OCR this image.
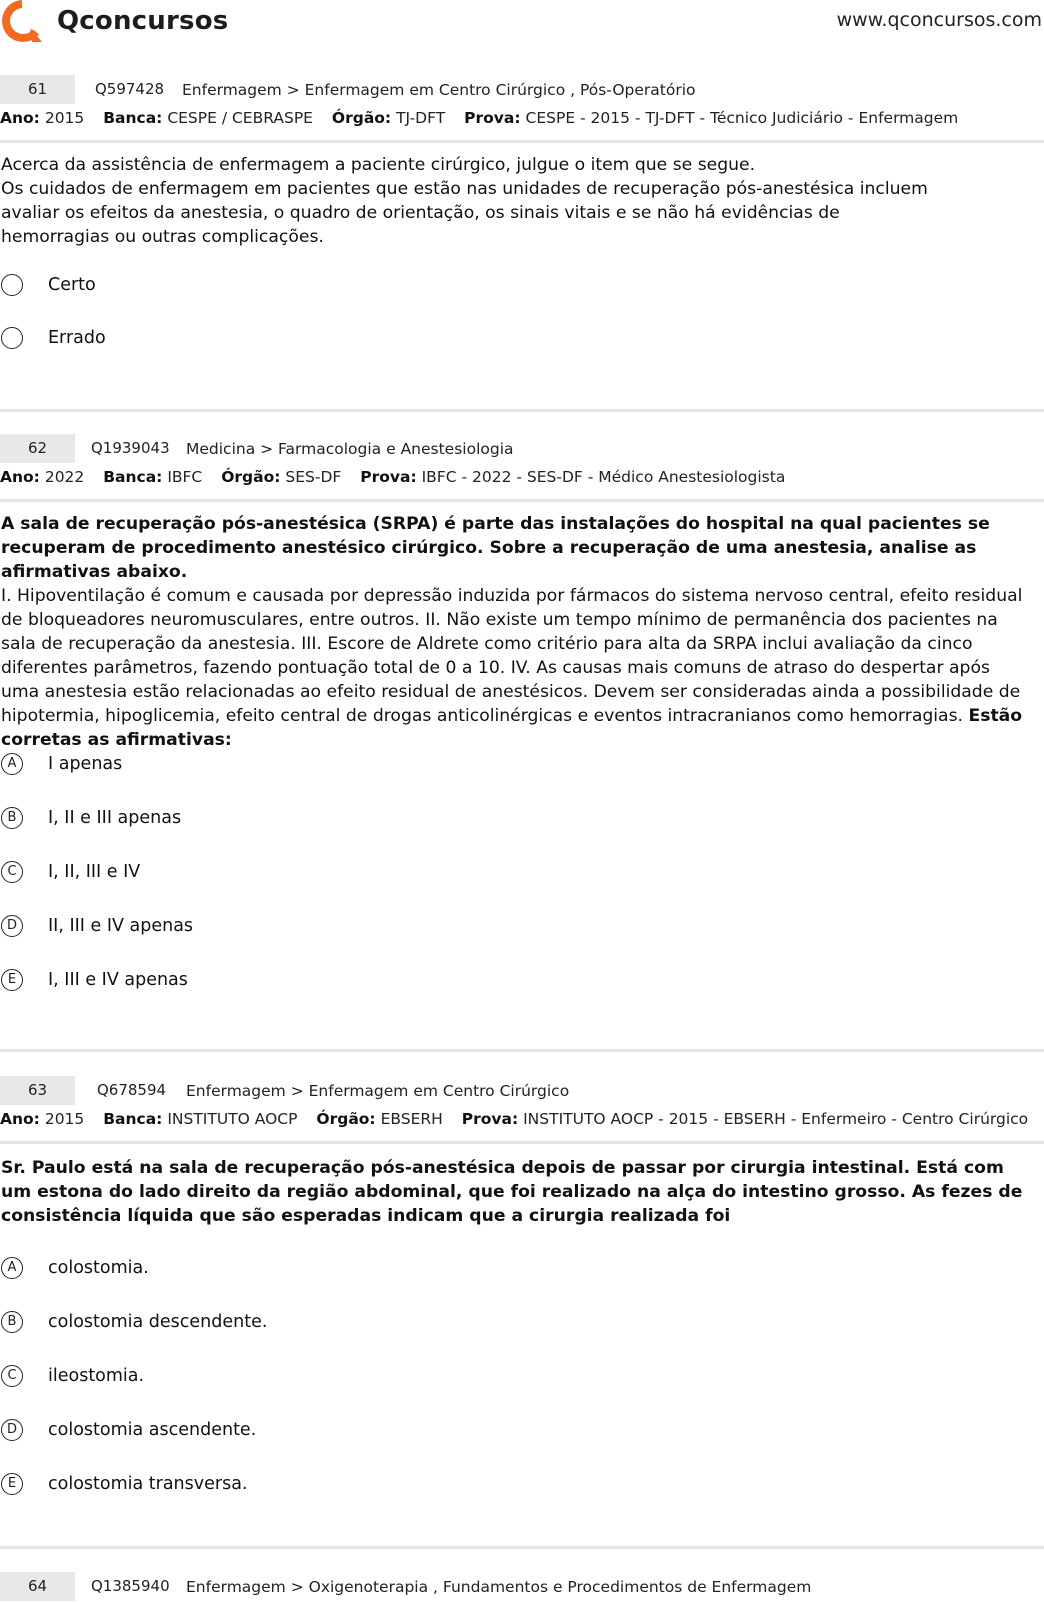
Qconcursos	www.qconcursos.com
61	Q597428 Enfermagem > Enfermagem em Centro Cirúrgico , Pós-Operatório
Ano: 2015 Banca: CESPE / CEBRASPE Órgão: TJ-DFT Prova: CESPE - 2015 - TJ-DFT - Técnico Judiciário - Enfermagem
Acerca da assistência de enfermagem a paciente cirúrgico, julgue o item que se segue.
Os cuidados de enfermagem em pacientes que estão nas unidades de recuperação pós-anestésica incluem avaliar os efeitos da anestesia, o quadro de orientação, os sinais vitais e se não há evidências de hemorragias ou outras complicações.
Certo
Errado
62	Q1939043 Medicina > Farmacologia e Anestesiologia
Ano: 2022 Banca: IBFC Órgão: SES-DF Prova: IBFC - 2022 - SES-DF - Médico Anestesiologista
A sala de recuperação pós-anestésica (SRPA) é parte das instalações do hospital na qual pacientes se recuperam de procedimento anestésico cirúrgico. Sobre a recuperação de uma anestesia, analise as afirmativas abaixo.
I. Hipoventilação é comum e causada por depressão induzida por fármacos do sistema nervoso central, efeito residual de bloqueadores neuromusculares, entre outros. II. Não existe um tempo mínimo de permanência dos pacientes na sala de recuperação da anestesia. III. Escore de Aldrete como critério para alta da SRPA inclui avaliação da cinco diferentes parâmetros, fazendo pontuação total de 0 a 10. IV. As causas mais comuns de atraso do despertar após uma anestesia estão relacionadas ao efeito residual de anestésicos. Devem ser consideradas ainda a possibilidade de hipotermia, hipoglicemia, efeito central de drogas anticolinérgicas e eventos intracranianos como hemorragias. Estão corretas as afirmativas:
A	I apenas
B	I, II e III apenas
C	I, II, III e IV
D	II, III e IV apenas
E	I, III e IV apenas
63	Q678594 Enfermagem > Enfermagem em Centro Cirúrgico
Ano: 2015 Banca: INSTITUTO AOCP Órgão: EBSERH Prova: INSTITUTO AOCP - 2015 - EBSERH - Enfermeiro - Centro Cirúrgico
Sr. Paulo está na sala de recuperação pós-anestésica depois de passar por cirurgia intestinal. Está com um estona do lado direito da região abdominal, que foi realizado na alça do intestino grosso. As fezes de consistência líquida que são esperadas indicam que a cirurgia realizada foi
A	colostomia.
B	colostomia descendente.
C	ileostomia.
D	colostomia ascendente.
E	colostomia transversa.
64	Q1385940 Enfermagem > Oxigenoterapia , Fundamentos e Procedimentos de Enfermagem
